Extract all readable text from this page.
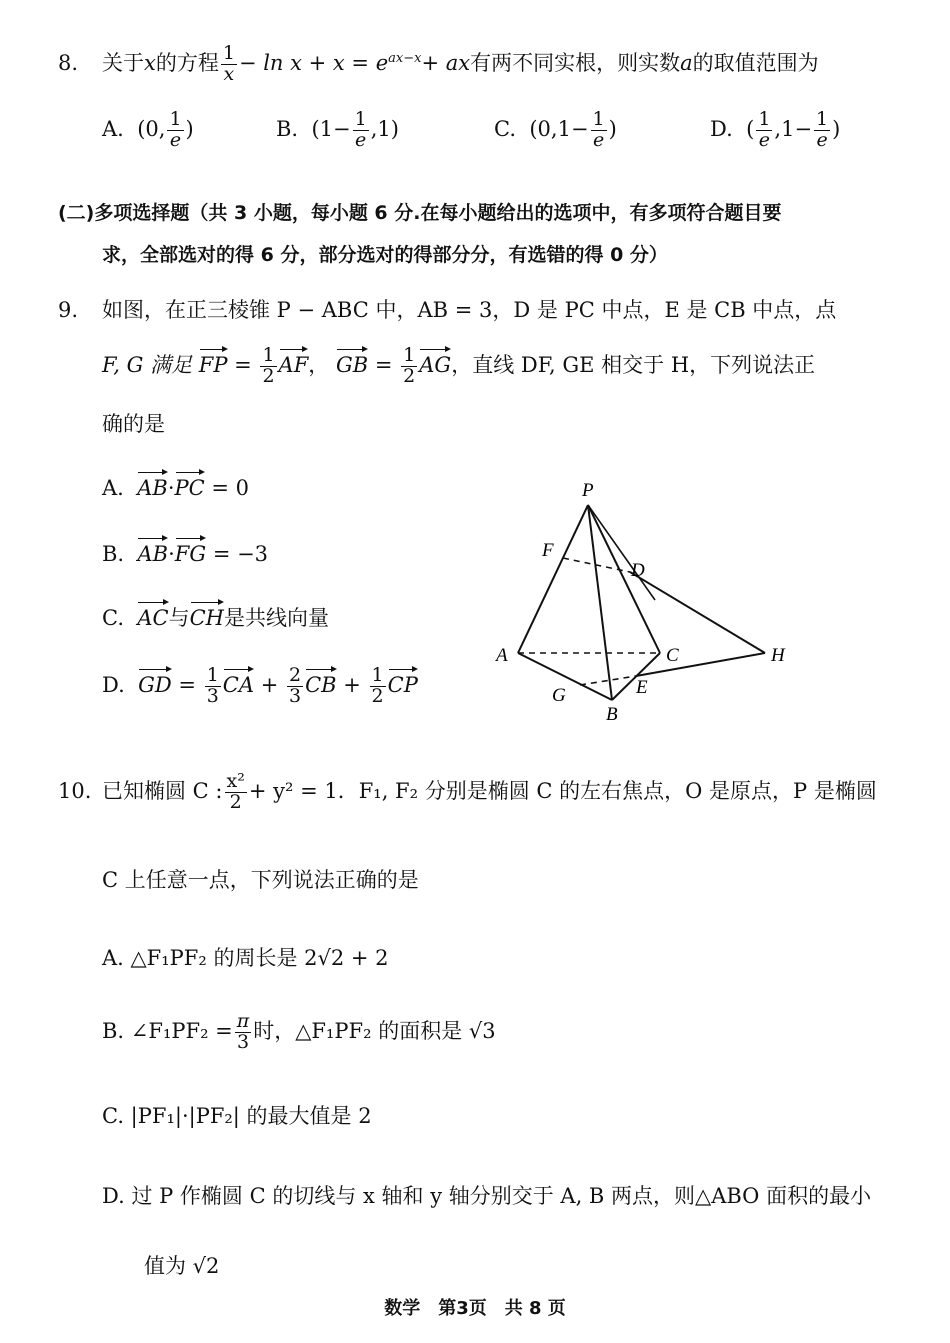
8. 关于x的方程 $\frac{1}{x} - \ln x + x = e^{ax-x}+$ ax有两不同实根，则实数a的取值范围为
A.  (0, $\frac{1}{e}$ )	B.  $(1- \frac{1}{e} ,1)$	C.  ($0,1- \frac{1}{e}$ )	D.  ( $\frac{1}{e} ,1- \frac{1}{e}$ )
(二)多项选择题（共 3 小题，每小题 6 分.在每小题给出的选项中，有多项符合题目要
求，全部选对的得 6 分，部分选对的得部分分，有选错的得 0 分）
9. 如图，在正三棱锥 P − ABC 中，AB = 3，D 是 PC 中点，E 是 CB 中点，点
F, G 满足 FP = $\frac{1}{2}$ AF， GB = $\frac{1}{2}$ AG，直线 DF, GE 相交于 H，下列说法正
确的是
A. AB·PC = 0
B. AB·FG = −3
C. AC与CH是共线向量
D. GD = $\frac{1}{3}$ CA + $\frac{2}{3}$ CB + $\frac{1}{2}$ CP
P
F
D
A	C	H
G	E
B
10. 已知椭圆 C : $\frac{\text{x²}}{2} + y^2 = 1$．F₁, F₂ 分别是椭圆 C 的左右焦点，O 是原点，P 是椭圆
C 上任意一点，下列说法正确的是
A. △F₁PF₂ 的周长是 2√2 + 2
B. ∠F₁PF₂ = $\frac{\pi}{3}$ 时，△F₁PF₂ 的面积是 √3
C. |PF₁|·|PF₂| 的最大值是 2
D. 过 P 作椭圆 C 的切线与 x 轴和 y 轴分别交于 A, B 两点，则△ABO 面积的最小
值为 √2
数学　第3页　共 8 页
